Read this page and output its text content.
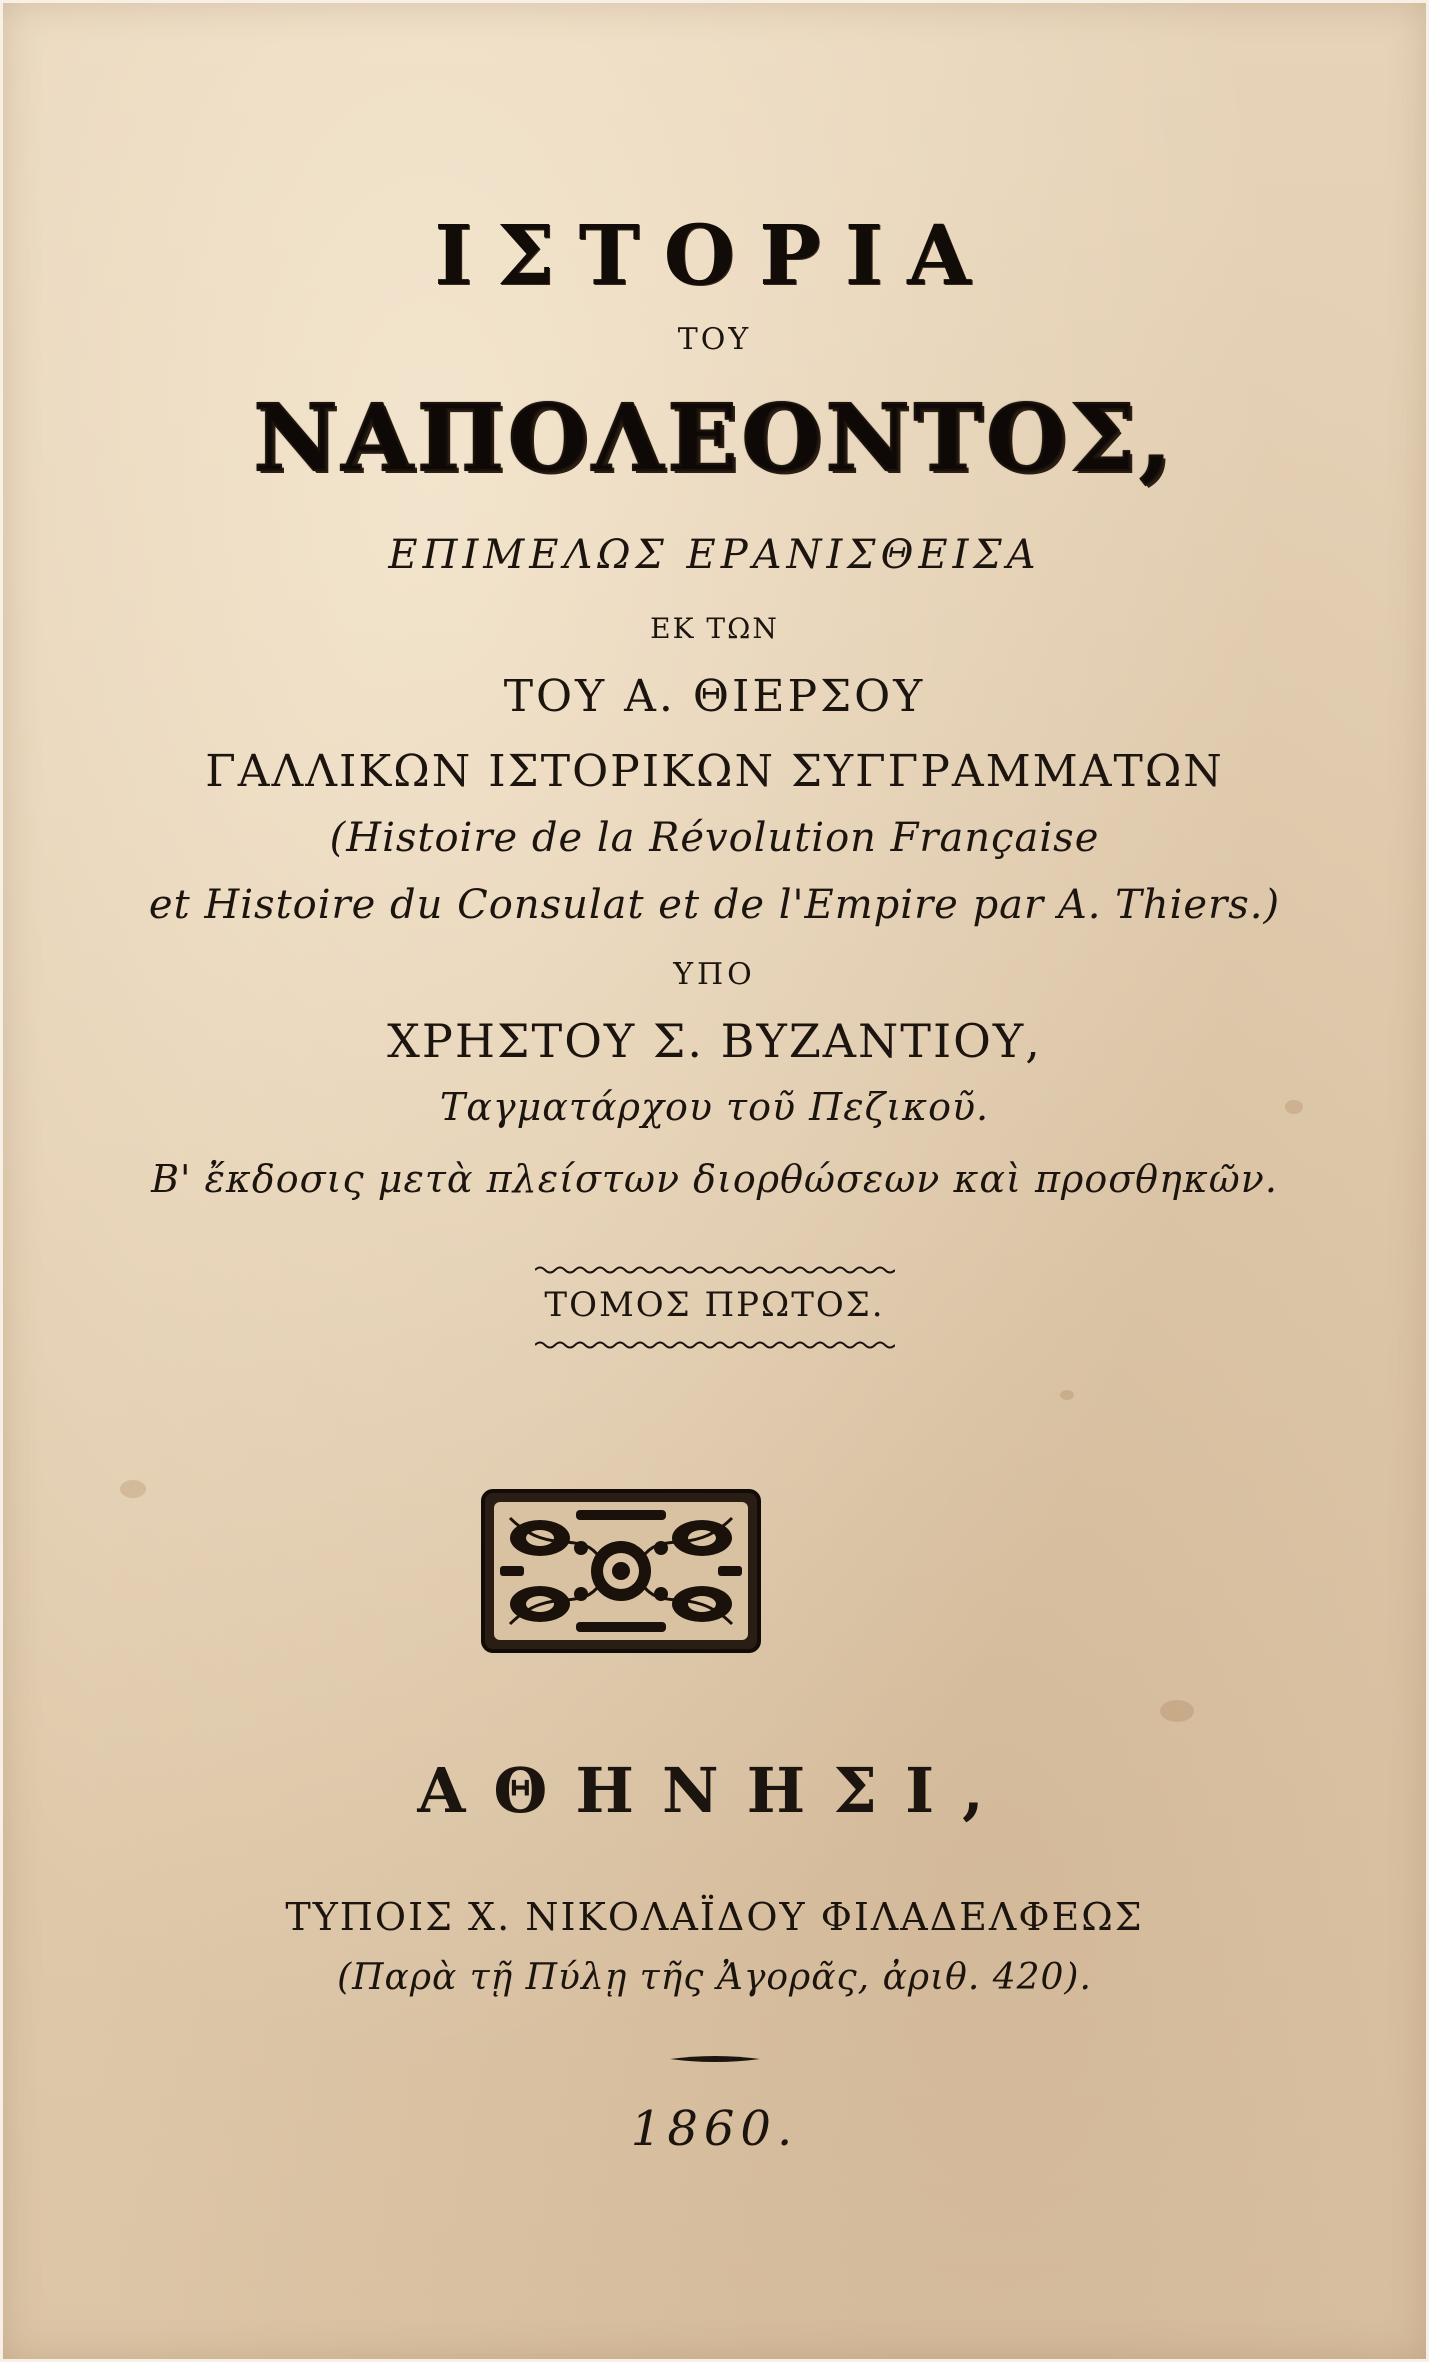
ΙΣΤΟΡΙΑ
ΤΟΥ
ΝΑΠΟΛΕΟΝΤΟΣ,
ΕΠΙΜΕΛΩΣ ΕΡΑΝΙΣΘΕΙΣΑ
ΕΚ ΤΩΝ
ΤΟΥ Α. ΘΙΕΡΣΟΥ
ΓΑΛΛΙΚΩΝ ΙΣΤΟΡΙΚΩΝ ΣΥΓΓΡΑΜΜΑΤΩΝ
(Histoire de la Révolution Française
et Histoire du Consulat et de l'Empire par A. Thiers.)
ΥΠΟ
ΧΡΗΣΤΟΥ Σ. ΒΥΖΑΝΤΙΟΥ,
Ταγματάρχου τοῦ Πεζικοῦ.
Β' ἔκδοσις μετὰ πλείστων διορθώσεων καὶ προσθηκῶν.
ΤΟΜΟΣ ΠΡΩΤΟΣ.
ΑΘΗΝΗΣΙ,
ΤΥΠΟΙΣ Χ. ΝΙΚΟΛΑΪΔΟΥ ΦΙΛΑΔΕΛΦΕΩΣ
(Παρὰ τῇ Πύλῃ τῆς Ἀγορᾶς, ἀριθ. 420).
1860.
